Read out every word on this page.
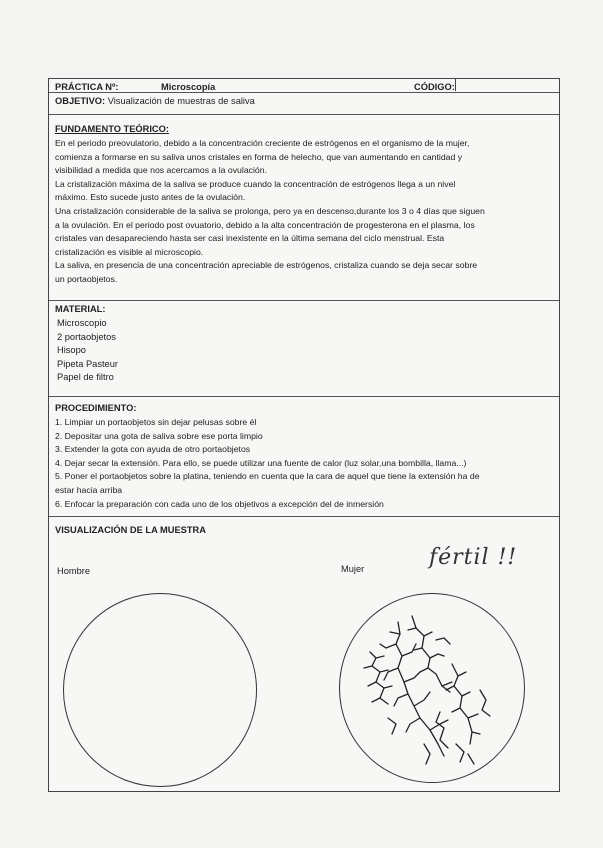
PRÁCTICA Nº:	Microscopía	CÓDIGO:
OBJETIVO: Visualización de muestras de saliva
FUNDAMENTO TEÓRICO:
En el periodo preovulatorio, debido a la concentración creciente de estrógenos en el organismo de la mujer,
comienza a formarse en su saliva unos cristales en forma de helecho, que van aumentando en cantidad y
visibilidad a medida que nos acercamos a la ovulación.
La cristalización máxima de la saliva se produce cuando la concentración de estrógenos llega a un nivel
máximo. Esto sucede justo antes de la ovulación.
Una cristalización considerable de la saliva se prolonga, pero ya en descenso,durante los 3 o 4 días que siguen
a la ovulación. En el periodo post ovuatorio, debido a la alta concentración de progesterona en el plasma, los
cristales van desapareciendo hasta ser casi inexistente en la última semana del ciclo menstrual. Esta
cristalización es visible al microscopio.
La saliva, en presencia de una concentración apreciable de estrógenos, cristaliza cuando se deja secar sobre
un portaobjetos.
MATERIAL:
Microscopio
2 portaobjetos
Hisopo
Pipeta Pasteur
Papel de filtro
PROCEDIMIENTO:
1. Limpiar un portaobjetos sin dejar pelusas sobre él
2. Depositar una gota de saliva sobre ese porta limpio
3. Extender la gota con ayuda de otro portaobjetos
4. Dejar secar la extensión. Para ello, se puede utilizar una fuente de calor (luz solar,una bombilla, llama...)
5. Poner el portaobjetos sobre la platina, teniendo en cuenta que la cara de aquel que tiene la extensión ha de
estar hacia arriba
6. Enfocar la preparación con cada uno de los objetivos a excepción del de inmersión
VISUALIZACIÓN DE LA MUESTRA
Hombre	Mujer	fértil !!
